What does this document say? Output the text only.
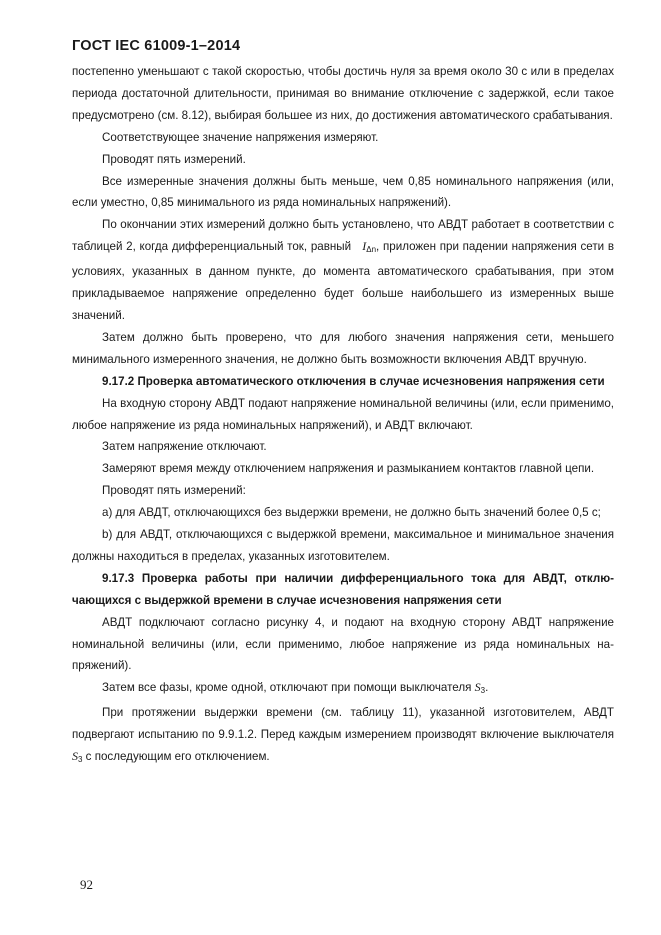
ГОСТ IEC 61009-1–2014

постепенно уменьшают с такой скоростью, чтобы достичь нуля за время около 30 с или в пределах периода достаточной длительности, принимая во внимание отключение с задержкой, если такое предусмотрено (см. 8.12), выбирая большее из них, до достижения автоматического срабатывания.

Соответствующее значение напряжения измеряют.

Проводят пять измерений.

Все измеренные значения должны быть меньше, чем 0,85 номинального напряжения (или, если уместно, 0,85 минимального из ряда номинальных напряжений).

По окончании этих измерений должно быть установлено, что АВДТ работает в соответствии с таблицей 2, когда дифференциальный ток, равный $I_{\Delta n}$, приложен при падении напряжения сети в условиях, указанных в данном пункте, до момента автоматического срабатывания, при этом прикладываемое напряжение определенно будет больше наибольшего из измеренных выше значений.

Затем должно быть проверено, что для любого значения напряжения сети, меньшего минимального измеренного значения, не должно быть возможности включения АВДТ вручную.

9.17.2 Проверка автоматического отключения в случае исчезновения напряжения сети

На входную сторону АВДТ подают напряжение номинальной величины (или, если применимо, любое напряжение из ряда номинальных напряжений), и АВДТ включают.

Затем напряжение отключают.

Замеряют время между отключением напряжения и размыканием контактов главной цепи.

Проводят пять измерений:

а) для АВДТ, отключающихся без выдержки времени, не должно быть значений более 0,5 с;

b) для АВДТ, отключающихся с выдержкой времени, максимальное и минимальное значения должны находиться в пределах, указанных изготовителем.

9.17.3 Проверка работы при наличии дифференциального тока для АВДТ, отключающихся с выдержкой времени в случае исчезновения напряжения сети

АВДТ подключают согласно рисунку 4, и подают на входную сторону АВДТ напряжение номинальной величины (или, если применимо, любое напряжение из ряда номинальных напряжений).

Затем все фазы, кроме одной, отключают при помощи выключателя $S_3$.

При протяжении выдержки времени (см. таблицу 11), указанной изготовителем, АВДТ подвергают испытанию по 9.9.1.2. Перед каждым измерением производят включение выключателя $S_3$ с последующим его отключением.

92
